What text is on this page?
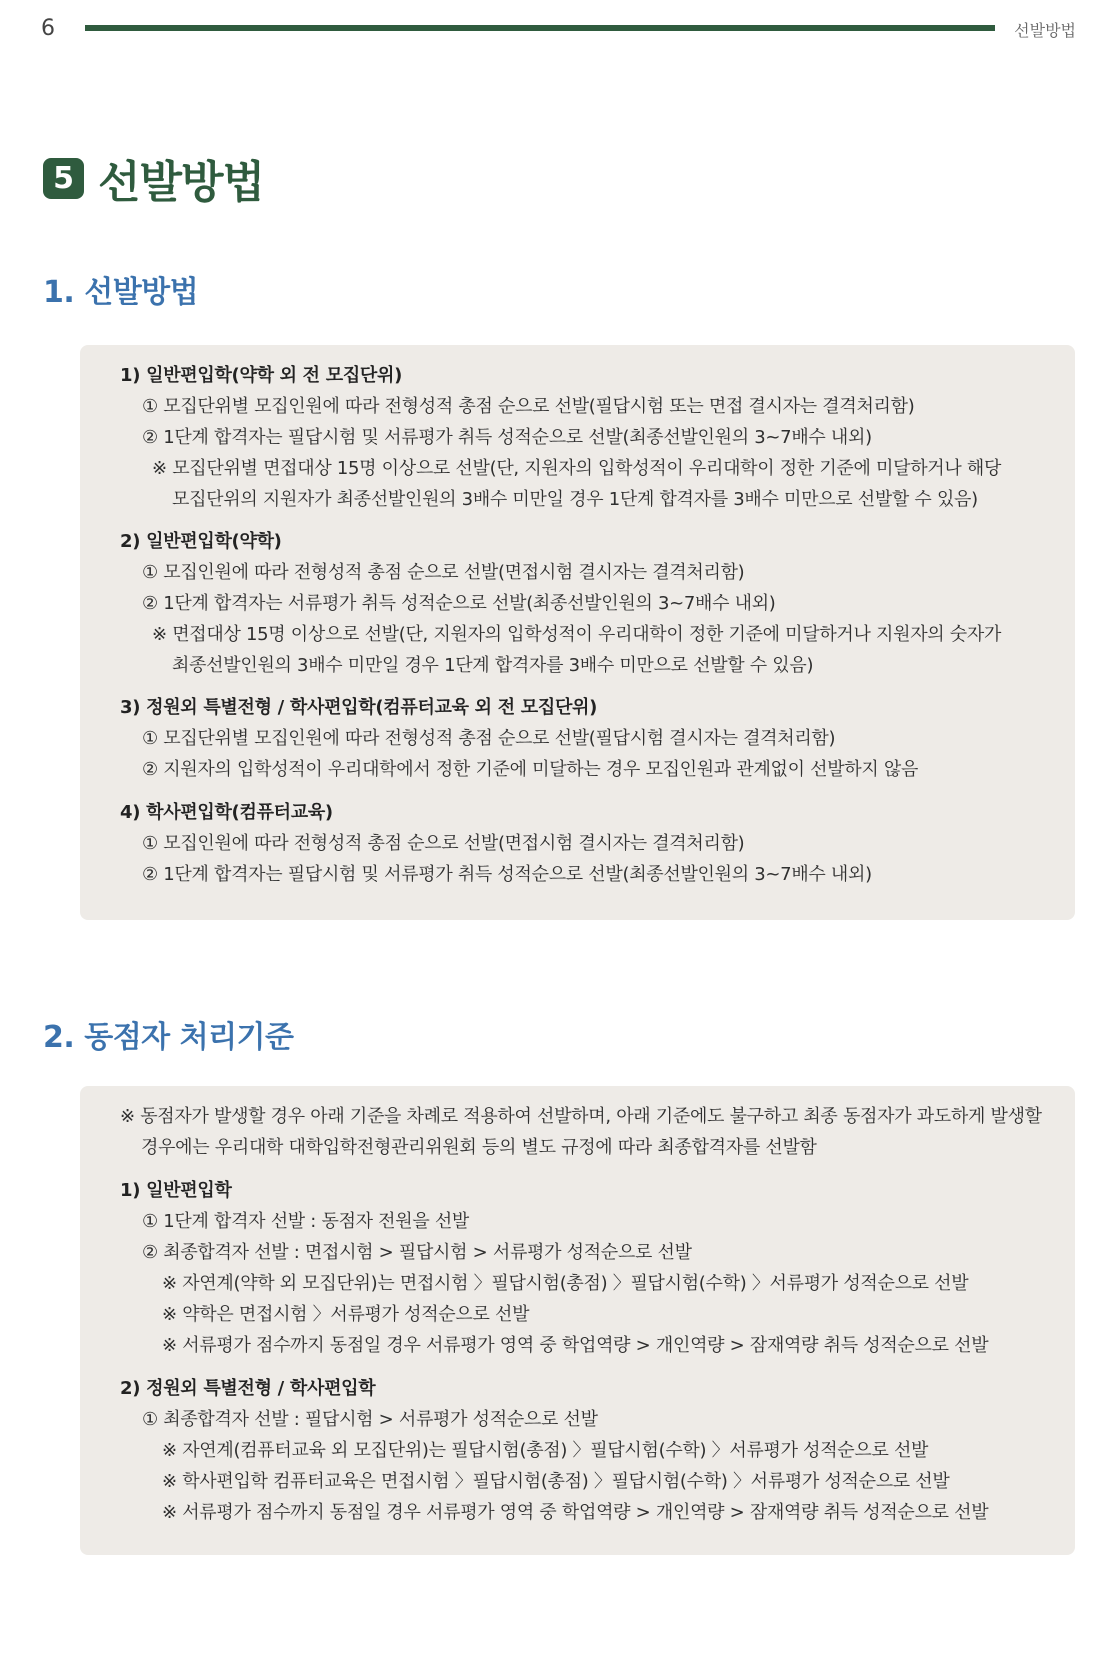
6	선발방법
5 선발방법
1. 선발방법
1) 일반편입학(약학 외 전 모집단위)
① 모집단위별 모집인원에 따라 전형성적 총점 순으로 선발(필답시험 또는 면접 결시자는 결격처리함)
② 1단계 합격자는 필답시험 및 서류평가 취득 성적순으로 선발(최종선발인원의 3~7배수 내외)
※ 모집단위별 면접대상 15명 이상으로 선발(단, 지원자의 입학성적이 우리대학이 정한 기준에 미달하거나 해당
모집단위의 지원자가 최종선발인원의 3배수 미만일 경우 1단계 합격자를 3배수 미만으로 선발할 수 있음)
2) 일반편입학(약학)
① 모집인원에 따라 전형성적 총점 순으로 선발(면접시험 결시자는 결격처리함)
② 1단계 합격자는 서류평가 취득 성적순으로 선발(최종선발인원의 3~7배수 내외)
※ 면접대상 15명 이상으로 선발(단, 지원자의 입학성적이 우리대학이 정한 기준에 미달하거나 지원자의 숫자가
최종선발인원의 3배수 미만일 경우 1단계 합격자를 3배수 미만으로 선발할 수 있음)
3) 정원외 특별전형 / 학사편입학(컴퓨터교육 외 전 모집단위)
① 모집단위별 모집인원에 따라 전형성적 총점 순으로 선발(필답시험 결시자는 결격처리함)
② 지원자의 입학성적이 우리대학에서 정한 기준에 미달하는 경우 모집인원과 관계없이 선발하지 않음
4) 학사편입학(컴퓨터교육)
① 모집인원에 따라 전형성적 총점 순으로 선발(면접시험 결시자는 결격처리함)
② 1단계 합격자는 필답시험 및 서류평가 취득 성적순으로 선발(최종선발인원의 3~7배수 내외)
2. 동점자 처리기준
※ 동점자가 발생할 경우 아래 기준을 차례로 적용하여 선발하며, 아래 기준에도 불구하고 최종 동점자가 과도하게 발생할
경우에는 우리대학 대학입학전형관리위원회 등의 별도 규정에 따라 최종합격자를 선발함
1) 일반편입학
① 1단계 합격자 선발 : 동점자 전원을 선발
② 최종합격자 선발 : 면접시험 > 필답시험 > 서류평가 성적순으로 선발
※ 자연계(약학 외 모집단위)는 면접시험 〉필답시험(총점) 〉필답시험(수학) 〉서류평가 성적순으로 선발
※ 약학은 면접시험 〉서류평가 성적순으로 선발
※ 서류평가 점수까지 동점일 경우 서류평가 영역 중 학업역량 > 개인역량 > 잠재역량 취득 성적순으로 선발
2) 정원외 특별전형 / 학사편입학
① 최종합격자 선발 : 필답시험 > 서류평가 성적순으로 선발
※ 자연계(컴퓨터교육 외 모집단위)는 필답시험(총점) 〉필답시험(수학) 〉서류평가 성적순으로 선발
※ 학사편입학 컴퓨터교육은 면접시험 〉필답시험(총점) 〉필답시험(수학) 〉서류평가 성적순으로 선발
※ 서류평가 점수까지 동점일 경우 서류평가 영역 중 학업역량 > 개인역량 > 잠재역량 취득 성적순으로 선발
